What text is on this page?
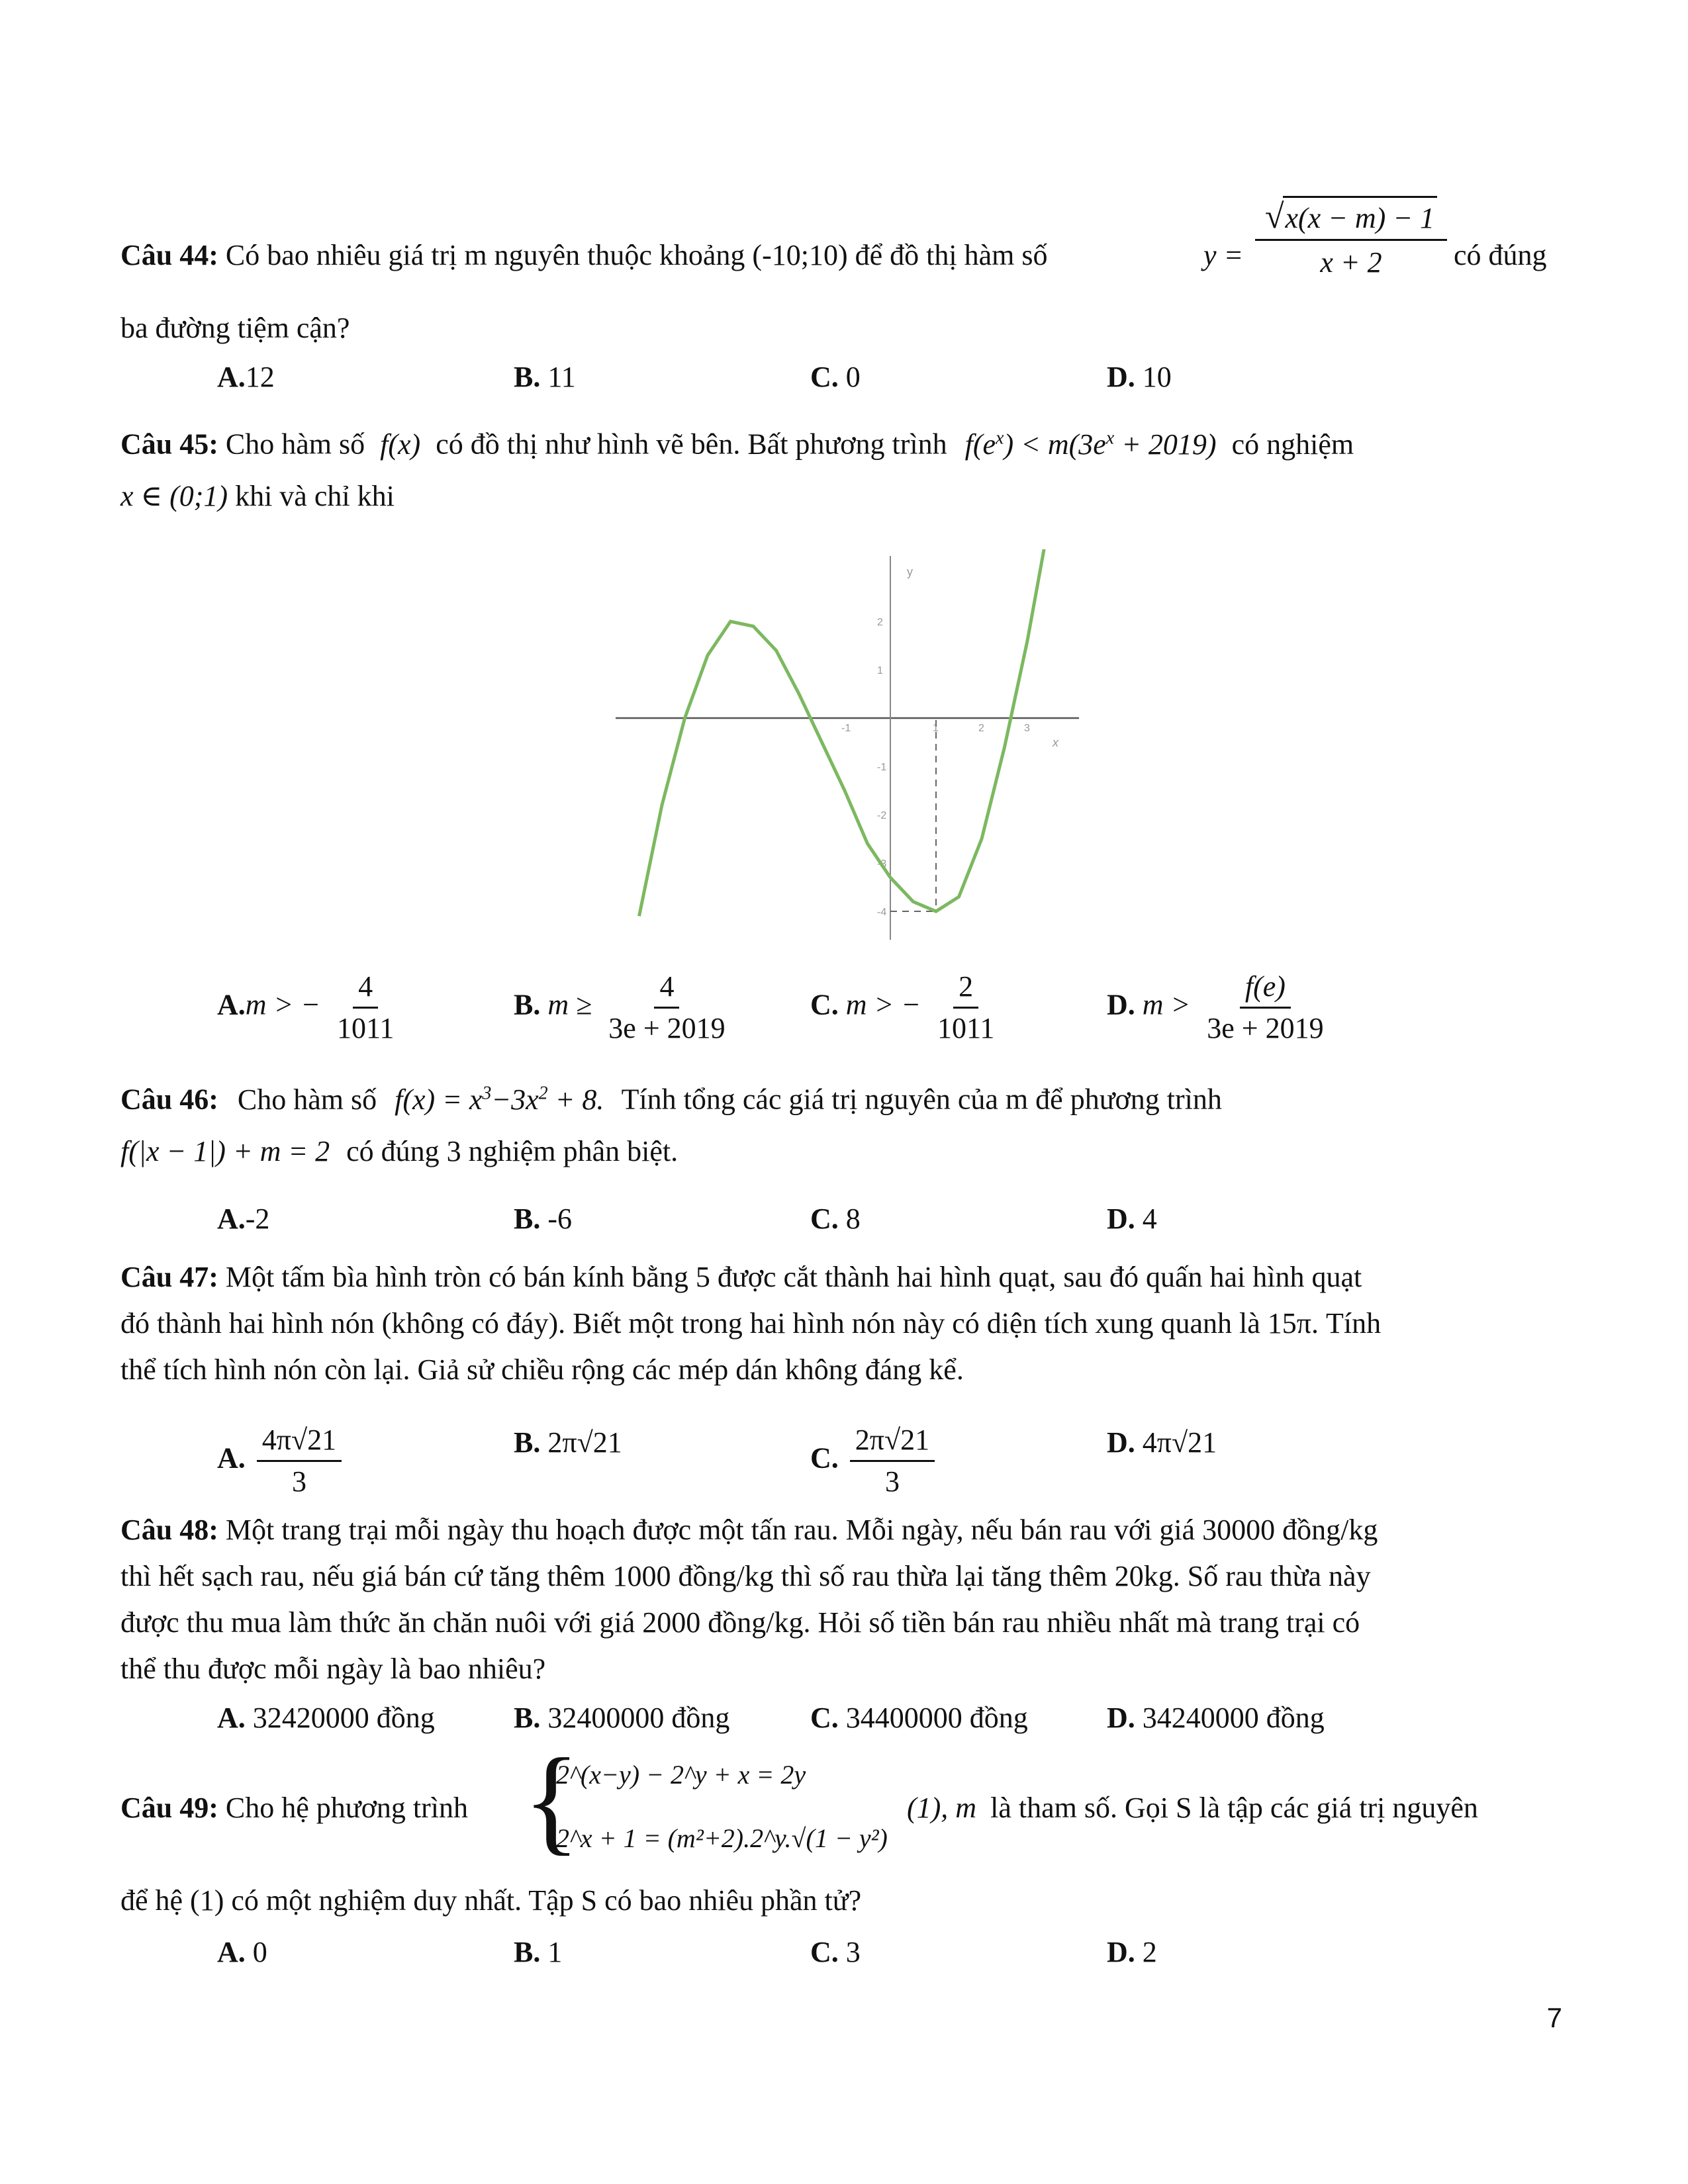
Câu 44: Có bao nhiêu giá trị m nguyên thuộc khoảng (-10;10) để đồ thị hàm số	y =
√x(x − m) − 1
x + 2	có đúng
ba đường tiệm cận?
A.12	B. 11	C. 0	D. 10
Câu 45: Cho hàm số f(x) có đồ thị như hình vẽ bên. Bất phương trình $f(e^x) < m(3e^x + 2019)$ có nghiệm
x ∈ (0;1) khi và chỉ khi
y
x
2
1
-1
-2
-3
-4
-1	1	2	3
A.m > − $\frac{4}{1011}$	B. $m \ge \frac{4}{3e + 2019}$	C. m > − $\frac{2}{1011}$	D. $m > \frac{f(e)}{3e + 2019}$
Câu 46: Cho hàm số $f(x) = x^3-3x^2 + 8$. Tính tổng các giá trị nguyên của m để phương trình
f(|x − 1|) + m = 2 có đúng 3 nghiệm phân biệt.
A.-2	B. -6	C. 8	D. 4
Câu 47: Một tấm bìa hình tròn có bán kính bằng 5 được cắt thành hai hình quạt, sau đó quấn hai hình quạt
đó thành hai hình nón (không có đáy). Biết một trong hai hình nón này có diện tích xung quanh là 15π. Tính
thể tích hình nón còn lại. Giả sử chiều rộng các mép dán không đáng kể.
A. $\frac{4\pi√21}{3}$	B. 2π√21	C. $\frac{2\pi√21}{3}$	D. 4π√21
Câu 48: Một trang trại mỗi ngày thu hoạch được một tấn rau. Mỗi ngày, nếu bán rau với giá 30000 đồng/kg
thì hết sạch rau, nếu giá bán cứ tăng thêm 1000 đồng/kg thì số rau thừa lại tăng thêm 20kg. Số rau thừa này
được thu mua làm thức ăn chăn nuôi với giá 2000 đồng/kg. Hỏi số tiền bán rau nhiều nhất mà trang trại có
thể thu được mỗi ngày là bao nhiêu?
A. 32420000 đồng	B. 32400000 đồng	C. 34400000 đồng	D. 34240000 đồng
Câu 49: Cho hệ phương trình {
2^(x−y) − 2^y + x = 2y
2^x + 1 = (m²+2).2^y.√(1 − y²)
(1), m là tham số. Gọi S là tập các giá trị nguyên
để hệ (1) có một nghiệm duy nhất. Tập S có bao nhiêu phần tử?
A. 0	B. 1	C. 3	D. 2
7
